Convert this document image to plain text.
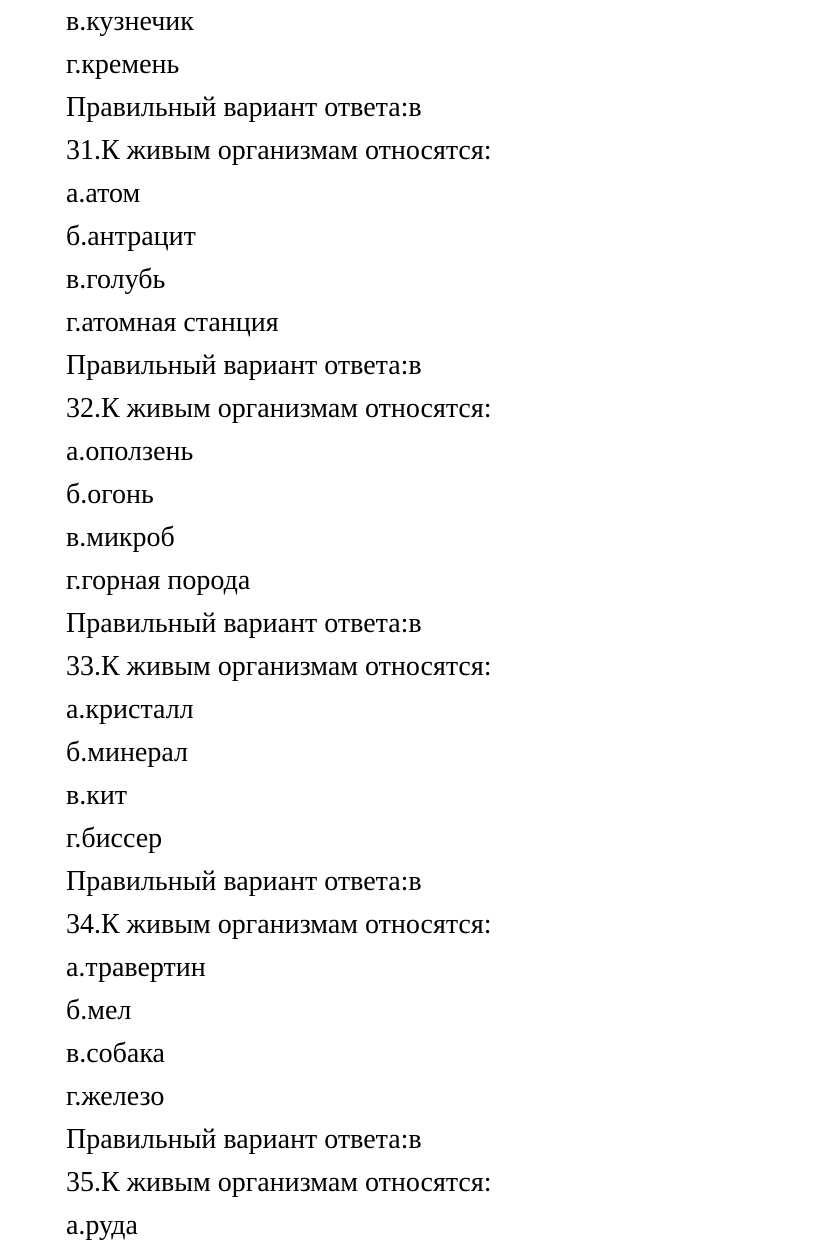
в.кузнечик
г.кремень
Правильный вариант ответа:в
31.К живым организмам относятся:
а.атом
б.антрацит
в.голубь
г.атомная станция
Правильный вариант ответа:в
32.К живым организмам относятся:
а.оползень
б.огонь
в.микроб
г.горная порода
Правильный вариант ответа:в
33.К живым организмам относятся:
а.кристалл
б.минерал
в.кит
г.биссер
Правильный вариант ответа:в
34.К живым организмам относятся:
а.травертин
б.мел
в.собака
г.железо
Правильный вариант ответа:в
35.К живым организмам относятся:
а.руда
